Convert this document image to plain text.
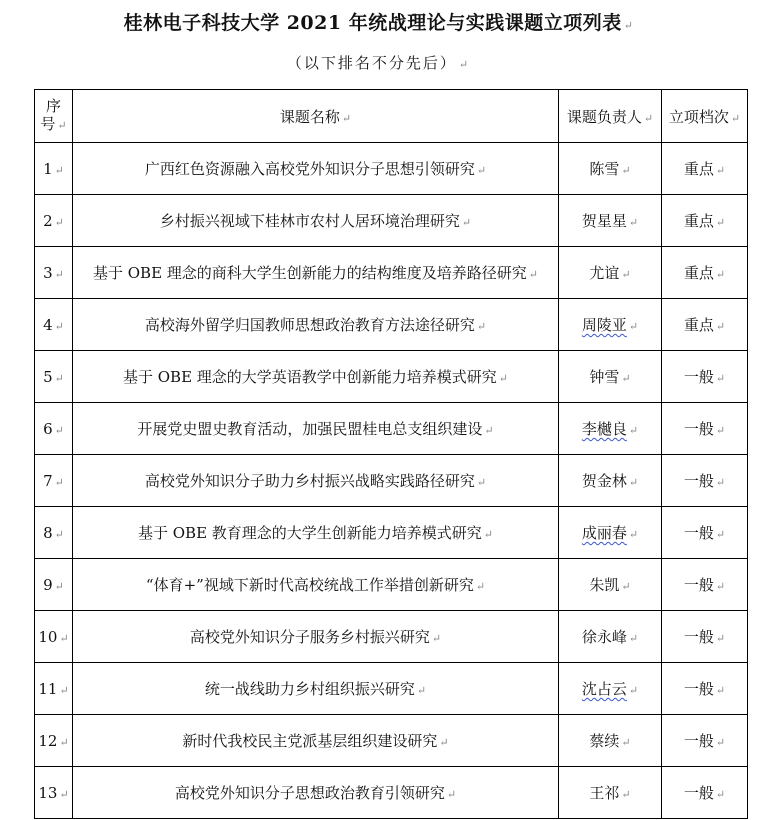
桂林电子科技大学 2021 年统战理论与实践课题立项列表 ↵
（以下排名不分先后） ↵
序
号 ↵	课题名称 ↵	课题负责人 ↵	立项档次 ↵
1 ↵	广西红色资源融入高校党外知识分子思想引领研究 ↵	陈雪 ↵	重点 ↵
2 ↵	乡村振兴视域下桂林市农村人居环境治理研究 ↵	贺星星 ↵	重点 ↵
3 ↵	基于 OBE 理念的商科大学生创新能力的结构维度及培养路径研究 ↵	尤谊 ↵	重点 ↵
4 ↵	高校海外留学归国教师思想政治教育方法途径研究 ↵	周陵亚 ↵	重点 ↵
5 ↵	基于 OBE 理念的大学英语教学中创新能力培养模式研究 ↵	钟雪 ↵	一般 ↵
6 ↵	开展党史盟史教育活动，加强民盟桂电总支组织建设 ↵	李樾良 ↵	一般 ↵
7 ↵	高校党外知识分子助力乡村振兴战略实践路径研究 ↵	贺金林 ↵	一般 ↵
8 ↵	基于 OBE 教育理念的大学生创新能力培养模式研究 ↵	成丽春 ↵	一般 ↵
9 ↵	“体育+”视域下新时代高校统战工作举措创新研究 ↵	朱凯 ↵	一般 ↵
10 ↵	高校党外知识分子服务乡村振兴研究 ↵	徐永峰 ↵	一般 ↵
11 ↵	统一战线助力乡村组织振兴研究 ↵	沈占云 ↵	一般 ↵
12 ↵	新时代我校民主党派基层组织建设研究 ↵	蔡续 ↵	一般 ↵
13 ↵	高校党外知识分子思想政治教育引领研究 ↵	王祁 ↵	一般 ↵
